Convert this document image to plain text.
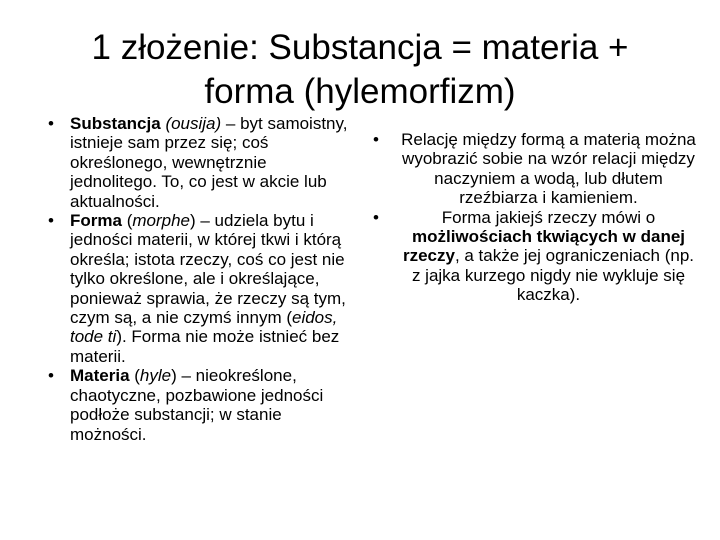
1 złożenie: Substancja = materia +
forma (hylemorfizm)
• Substancja (ousija) – byt samoistny, istnieje sam przez się; coś określonego, wewnętrznie jednolitego. To, co jest w akcie lub aktualności.
• Forma (morphe) – udziela bytu i jedności materii, w której tkwi i którą określa; istota rzeczy, coś co jest nie tylko określone, ale i określające, ponieważ sprawia, że rzeczy są tym, czym są, a nie czymś innym (eidos, tode ti). Forma nie może istnieć bez materii.
• Materia (hyle) – nieokreślone, chaotyczne, pozbawione jedności podłoże substancji; w stanie możności.
• Relację między formą a materią można wyobrazić sobie na wzór relacji między naczyniem a wodą, lub dłutem rzeźbiarza i kamieniem.
• Forma jakiejś rzeczy mówi o możliwościach tkwiących w danej rzeczy, a także jej ograniczeniach (np. z jajka kurzego nigdy nie wykluje się kaczka).
